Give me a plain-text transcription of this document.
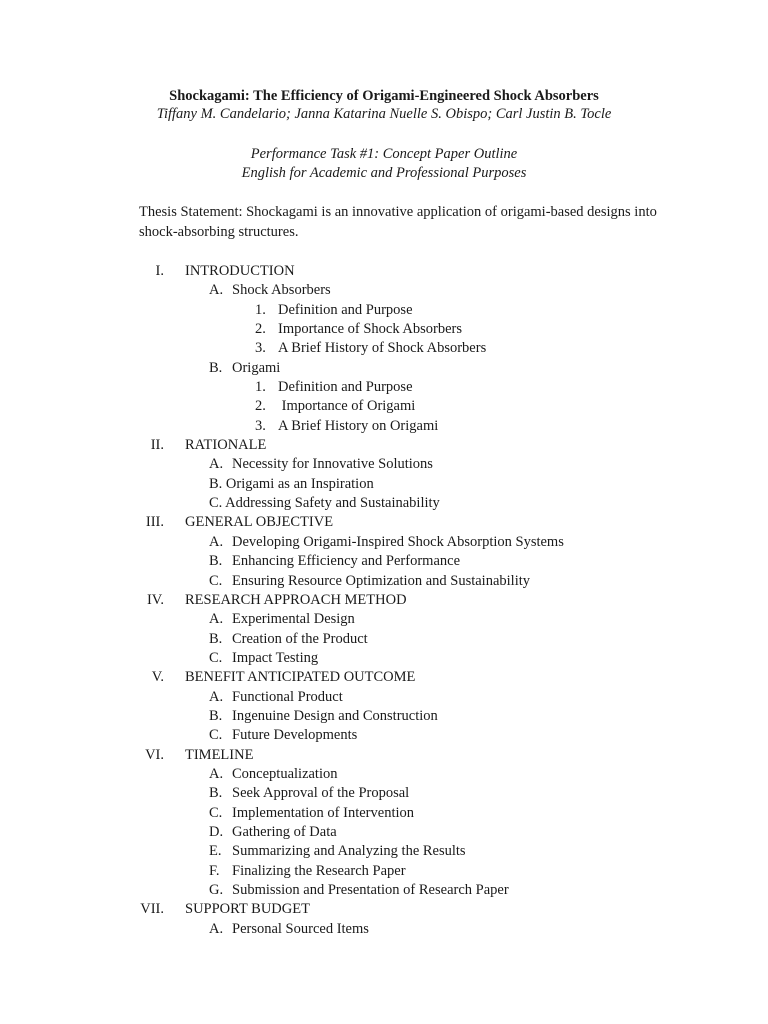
Shockagami: The Efficiency of Origami-Engineered Shock Absorbers
Tiffany M. Candelario; Janna Katarina Nuelle S. Obispo; Carl Justin B. Tocle
Performance Task #1: Concept Paper Outline
English for Academic and Professional Purposes
Thesis Statement: Shockagami is an innovative application of origami-based designs into shock-absorbing structures.
I. INTRODUCTION
A. Shock Absorbers
1. Definition and Purpose
2. Importance of Shock Absorbers
3. A Brief History of Shock Absorbers
B. Origami
1. Definition and Purpose
2. Importance of Origami
3. A Brief History on Origami
II. RATIONALE
A. Necessity for Innovative Solutions
B. Origami as an Inspiration
C. Addressing Safety and Sustainability
III. GENERAL OBJECTIVE
A. Developing Origami-Inspired Shock Absorption Systems
B. Enhancing Efficiency and Performance
C. Ensuring Resource Optimization and Sustainability
IV. RESEARCH APPROACH METHOD
A. Experimental Design
B. Creation of the Product
C. Impact Testing
V. BENEFIT ANTICIPATED OUTCOME
A. Functional Product
B. Ingenuine Design and Construction
C. Future Developments
VI. TIMELINE
A. Conceptualization
B. Seek Approval of the Proposal
C. Implementation of Intervention
D. Gathering of Data
E. Summarizing and Analyzing the Results
F. Finalizing the Research Paper
G. Submission and Presentation of Research Paper
VII. SUPPORT BUDGET
A. Personal Sourced Items
